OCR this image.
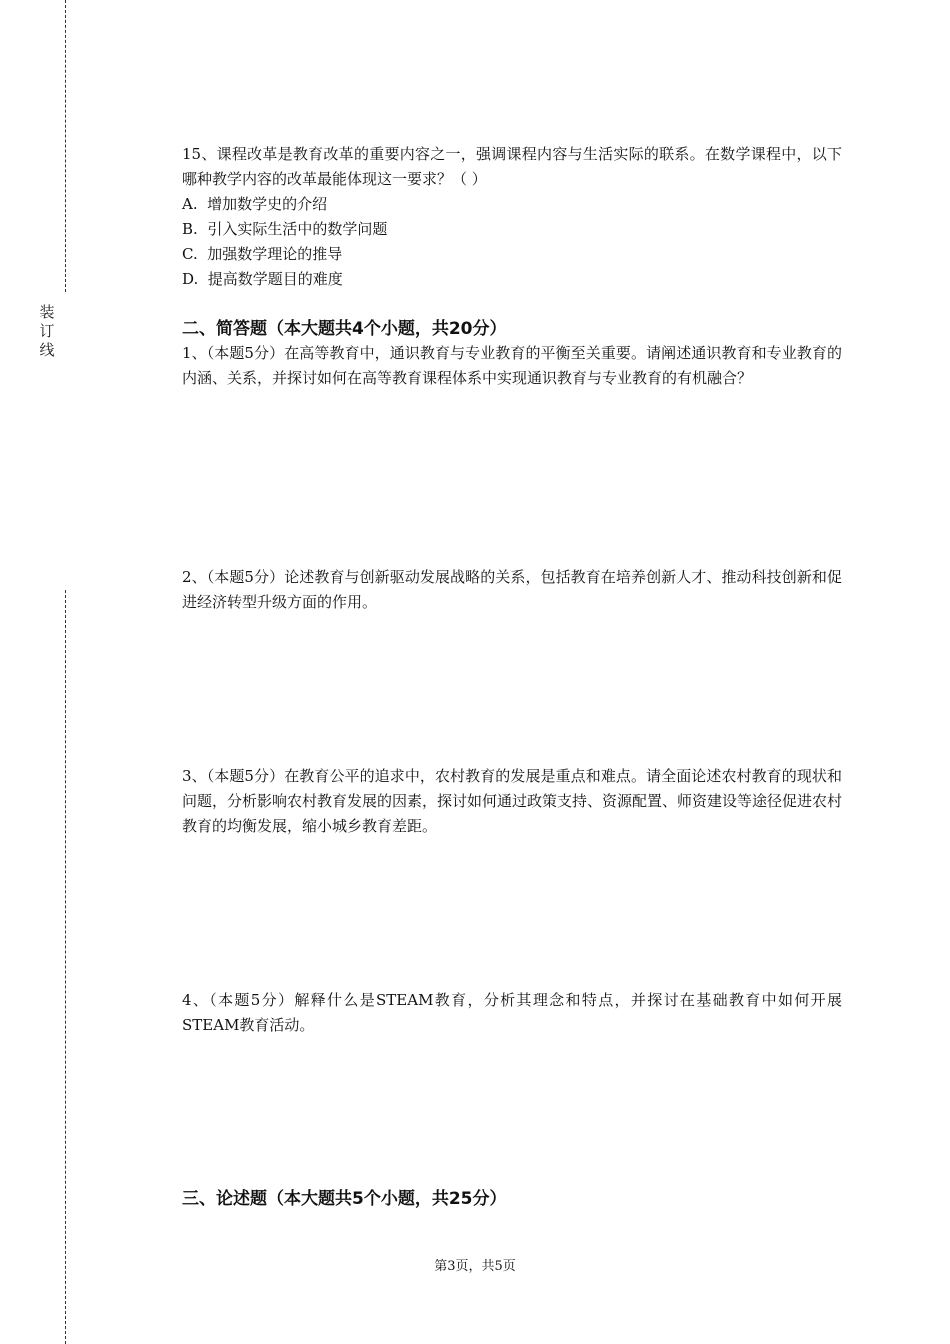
装
订
线

15、课程改革是教育改革的重要内容之一，强调课程内容与生活实际的联系。在数学课程中，以下哪种教学内容的改革最能体现这一要求？（ ）

A.  增加数学史的介绍

B.  引入实际生活中的数学问题

C.  加强数学理论的推导

D.  提高数学题目的难度

二、简答题（本大题共4个小题，共20分）

1、（本题5分）在高等教育中，通识教育与专业教育的平衡至关重要。请阐述通识教育和专业教育的内涵、关系，并探讨如何在高等教育课程体系中实现通识教育与专业教育的有机融合？

2、（本题5分）论述教育与创新驱动发展战略的关系，包括教育在培养创新人才、推动科技创新和促进经济转型升级方面的作用。

3、（本题5分）在教育公平的追求中，农村教育的发展是重点和难点。请全面论述农村教育的现状和问题，分析影响农村教育发展的因素，探讨如何通过政策支持、资源配置、师资建设等途径促进农村教育的均衡发展，缩小城乡教育差距。

4、（本题5分）解释什么是STEAM教育，分析其理念和特点，并探讨在基础教育中如何开展STEAM教育活动。

三、论述题（本大题共5个小题，共25分）

第3页，共5页
